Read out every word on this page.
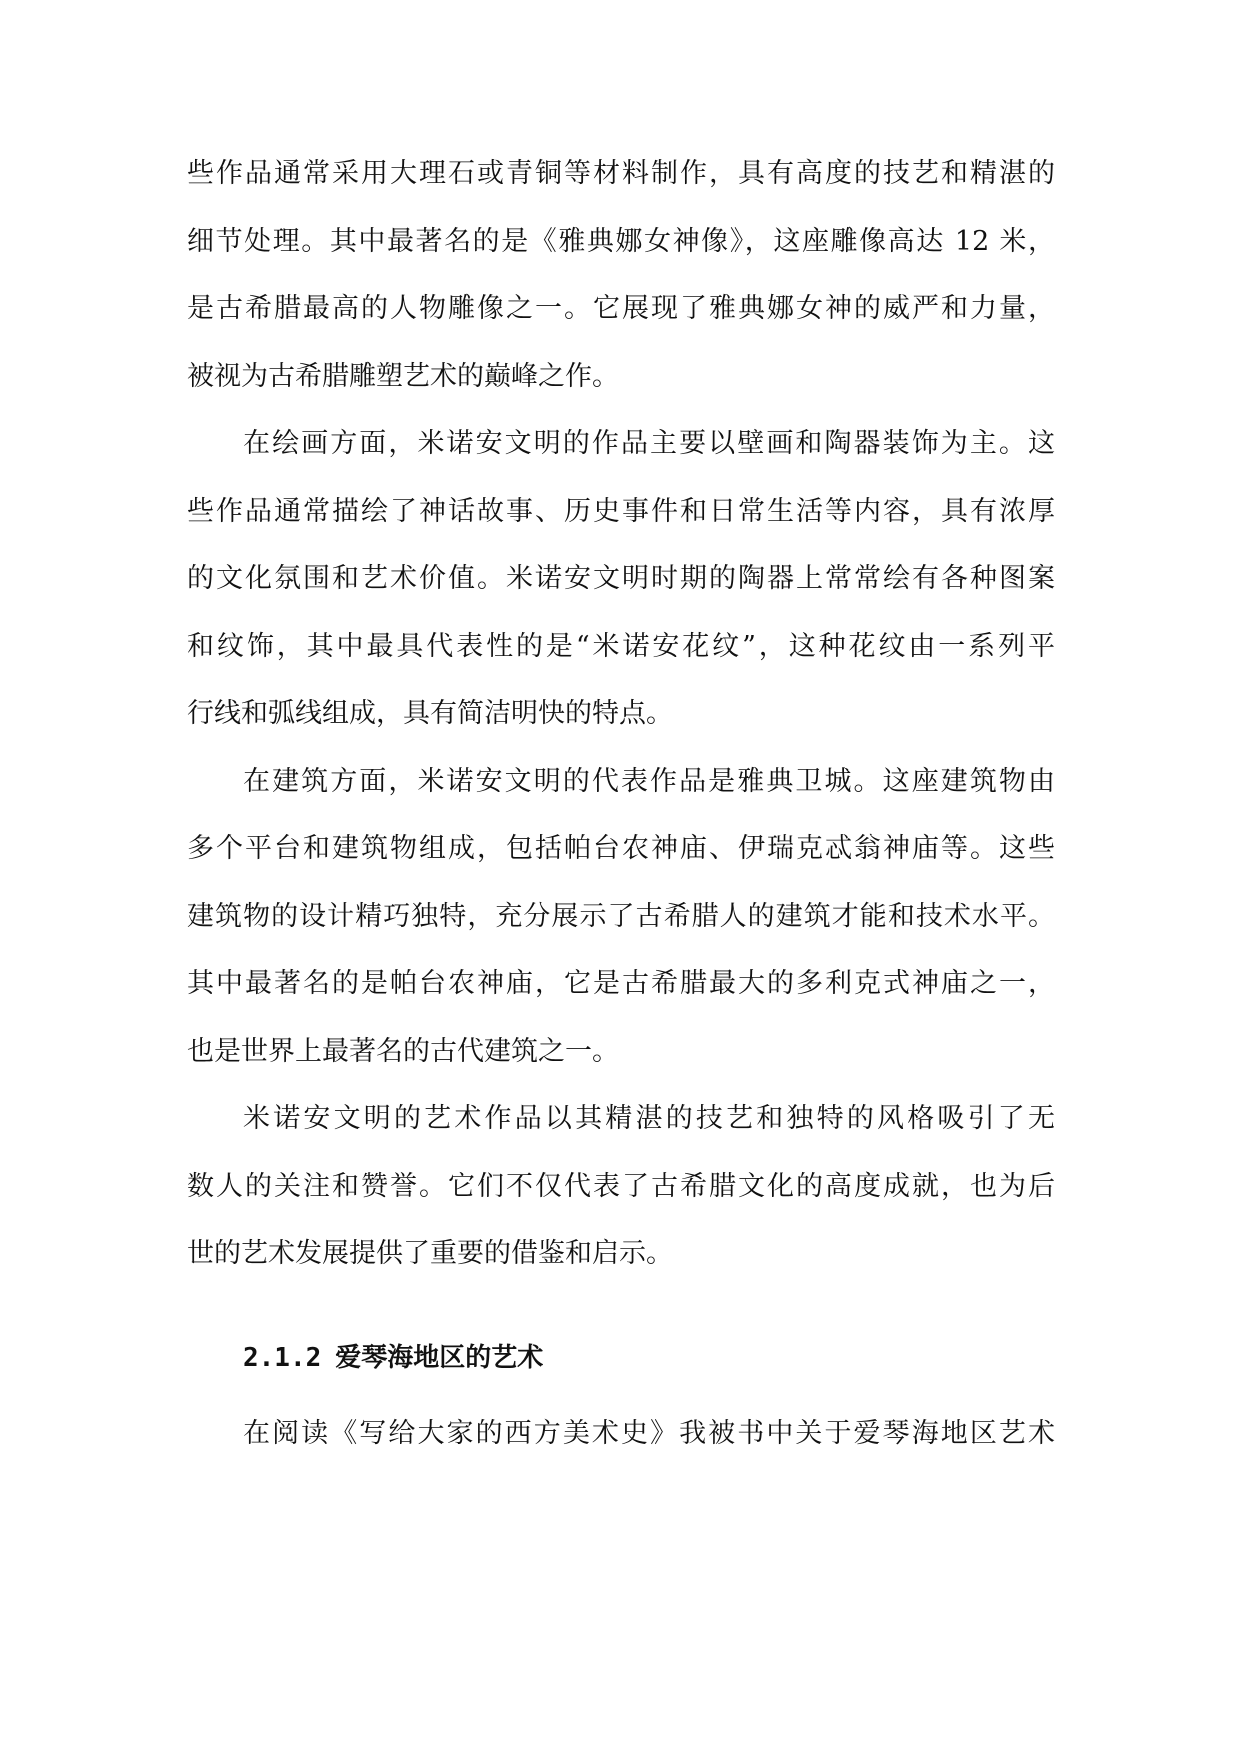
些作品通常采用大理石或青铜等材料制作，具有高度的技艺和精湛的
细节处理。其中最著名的是《雅典娜女神像》，这座雕像高达 12 米，
是古希腊最高的人物雕像之一。它展现了雅典娜女神的威严和力量，
被视为古希腊雕塑艺术的巅峰之作。

在绘画方面，米诺安文明的作品主要以壁画和陶器装饰为主。这
些作品通常描绘了神话故事、历史事件和日常生活等内容，具有浓厚
的文化氛围和艺术价值。米诺安文明时期的陶器上常常绘有各种图案
和纹饰，其中最具代表性的是“米诺安花纹”，这种花纹由一系列平
行线和弧线组成，具有简洁明快的特点。

在建筑方面，米诺安文明的代表作品是雅典卫城。这座建筑物由
多个平台和建筑物组成，包括帕台农神庙、伊瑞克忒翁神庙等。这些
建筑物的设计精巧独特，充分展示了古希腊人的建筑才能和技术水平。
其中最著名的是帕台农神庙，它是古希腊最大的多利克式神庙之一，
也是世界上最著名的古代建筑之一。

米诺安文明的艺术作品以其精湛的技艺和独特的风格吸引了无
数人的关注和赞誉。它们不仅代表了古希腊文化的高度成就，也为后
世的艺术发展提供了重要的借鉴和启示。

2.1.2 爱琴海地区的艺术

在阅读《写给大家的西方美术史》我被书中关于爱琴海地区艺术
